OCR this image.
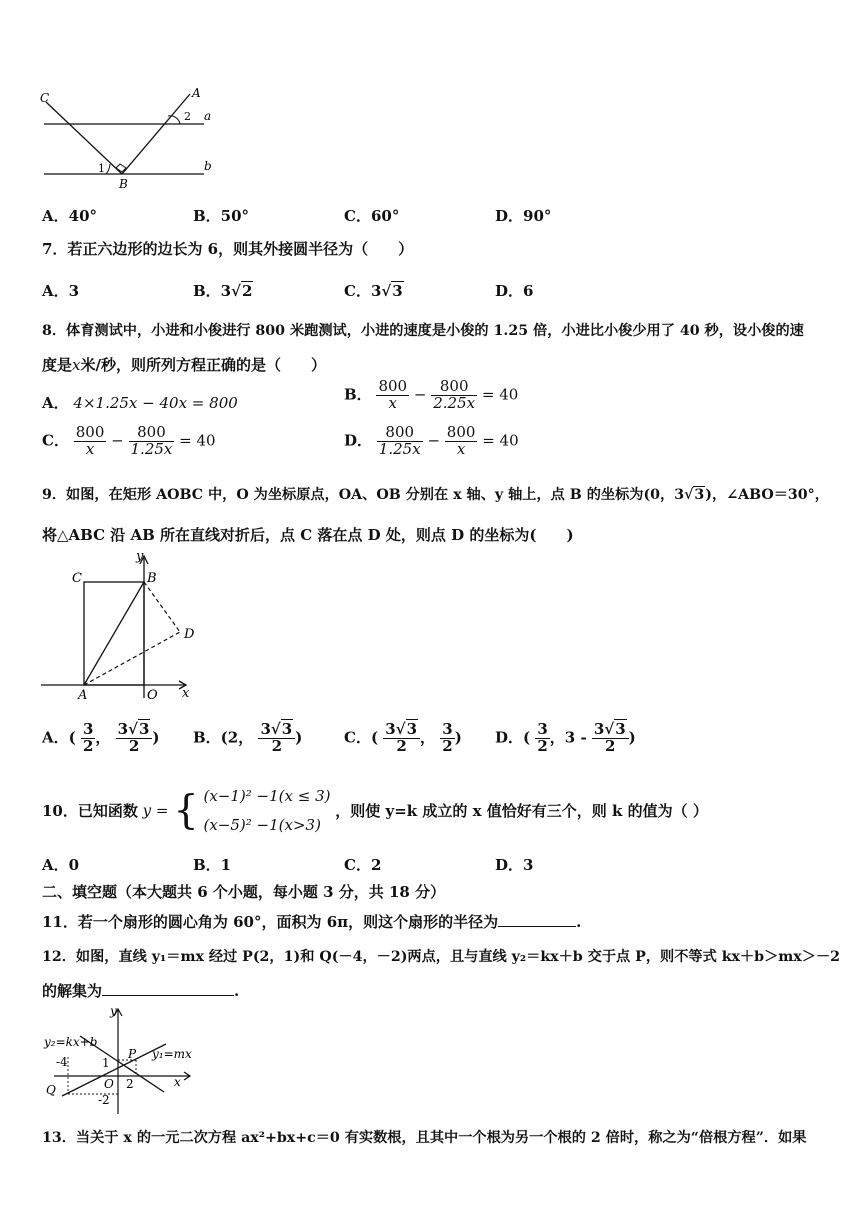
C	A
2 a
b
1
B
A．40°	B．50°	C．60°	D．90°
7．若正六边形的边长为 6，则其外接圆半径为（　　）
A．3	B．3√2	C．3√3	D．6
8．体育测试中，小进和小俊进行 800 米跑测试，小进的速度是小俊的 1.25 倍，小进比小俊少用了 40 秒，设小俊的速
度是x米/秒，则所列方程正确的是（　　）
A． 4×1.25x − 40x = 800	B． $\frac{800}{x} - \frac{800}{2.25x} = 40$
C． $\frac{800}{x} - \frac{800}{1.25x} = 40$	D． $\frac{800}{1.25x} - \frac{800}{x} = 40$
9．如图，在矩形 AOBC 中，O 为坐标原点，OA、OB 分别在 x 轴、y 轴上，点 B 的坐标为(0，3√3)，∠ABO＝30°，
将△ABC 沿 AB 所在直线对折后，点 C 落在点 D 处，则点 D 的坐标为(　　)
y
C	B
D
A	O x
A．( $\frac{3}{2}$ ， $\frac{3√3}{2}$ ) B．(2， $\frac{3√3}{2}$ )	C．( $\frac{3√3}{2}$ ， $\frac{3}{2}$ ) D．( $\frac{3}{2}$ ，$3 - \frac{3√3}{2}$ )
10．已知函数 y = { (x−1)² −1(x ≤ 3)
(x−5)² −1(x>3)
，则使 y=k 成立的 x 值恰好有三个，则 k 的值为（ ）
A．0	B．1	C．2	D．3
二、填空题（本大题共 6 个小题，每小题 3 分，共 18 分）
11．若一个扇形的圆心角为 60°，面积为 6π，则这个扇形的半径为	.
12．如图，直线 y₁＝mx 经过 P(2，1)和 Q(－4，－2)两点，且与直线 y₂＝kx＋b 交于点 P，则不等式 kx＋b＞mx＞－2
的解集为	.
y
y₂=kx+b
-4	1
P y₁=mx
Q	O 2	x
-2
13．当关于 x 的一元二次方程 ax²+bx+c＝0 有实数根，且其中一个根为另一个根的 2 倍时，称之为“倍根方程”．如果
